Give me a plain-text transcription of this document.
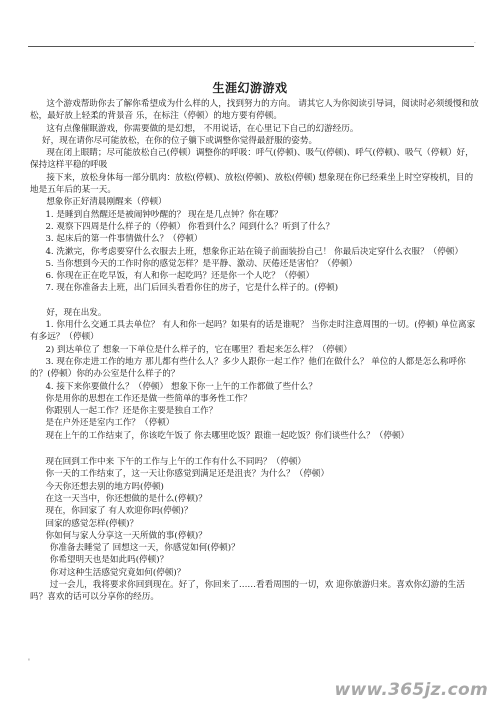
.
生涯幻游游戏

这个游戏帮助你去了解你希望成为什么样的人，找到努力的方向。 请其它人为你阅读引导词，阅读时必须缓慢和放松，最好放上轻柔的背景音 乐，在标注（停顿）的地方要有停顿。

这有点像催眠游戏，你需要做的是幻想， 不用说话，在心里记下自己的幻游经历。

好，现在请你尽可能放松，在你的位子躺下或调整你觉得最舒服的姿势。

现在闭上眼睛；尽可能放松自己(停顿）调整你的呼吸：呼气(停顿)、吸气(停顿)、呼气(停顿)、吸气（停顿）好，保持这样平稳的呼吸

接下来，放松身体每一部分肌肉：放松(停顿)、放松(停顿)、放松(停顿) 想象现在你已经乘坐上时空穿梭机，目的地是五年后的某一天。

想象你正好清晨刚醒来（停顿）

1. 是睡到自然醒还是被闹钟吵醒的？ 现在是几点钟？你在哪？

2. 观察下四周是什么样子的（停顿） 你看到什么？闻到什么？听到了什么？

3. 起床后的第一件事情做什么？（停顿）

4. 洗漱完，你考虑要穿什么衣服去上班，想象你正站在镜子前面装扮自己！ 你最后决定穿什么衣服？（停顿）

5. 当你想到今天的工作时你的感觉怎样？是平静、激动、厌倦还是害怕？（停顿）

6. 你现在正在吃早饭，有人和你一起吃吗？还是你一个人吃？（停顿）

7. 现在你准备去上班，出门后回头看看你住的房子，它是什么样子的。(停顿)

好，现在出发。

1. 你用什么交通工具去单位？ 有人和你一起吗？如果有的话是谁呢？ 当你走时注意周围的一切。(停顿) 单位离家有多远？（停顿）

2) 到达单位了 想象一下单位是什么样子的，它在哪里？看起来怎么样？（停顿）

3. 现在你走进工作的地方 那儿都有些什么人？多少人跟你一起工作？他们在做什么？ 单位的人都是怎么称呼你的？(停顿）你的办公室是什么样子的？

4. 接下来你要做什么？（停顿） 想象下你一上午的工作都做了些什么？

你是用你的思想在工作还是做一些简单的事务性工作？

你跟别人一起工作？还是你主要是独自工作？

是在户外还是室内工作？（停顿）

现在上午的工作结束了，你该吃午饭了 你去哪里吃饭？跟谁一起吃饭？你们谈些什么？（停顿）

现在回到工作中来 下午的工作与上午的工作有什么不同吗？（停顿）

你一天的工作结束了，这一天让你感觉到满足还是沮丧？为什么？（停顿）

今天你还想去别的地方吗(停顿)

在这一天当中，你还想做的是什么(停顿)？

现在，你回家了 有人欢迎你吗(停顿)？

回家的感觉怎样(停顿)？

你如何与家人分享这一天所做的事(停顿)？

你准备去睡觉了 回想这一天，你感觉如何(停顿)？

你希望明天也是如此吗(停顿)？

你对这种生活感觉究竟如何(停顿)？

过一会儿，我将要求你回到现在。好了，你回来了……看看周围的一切，欢 迎你旅游归来。喜欢你幻游的生活吗？喜欢的话可以分享你的经历。

'
www.365jz.com
